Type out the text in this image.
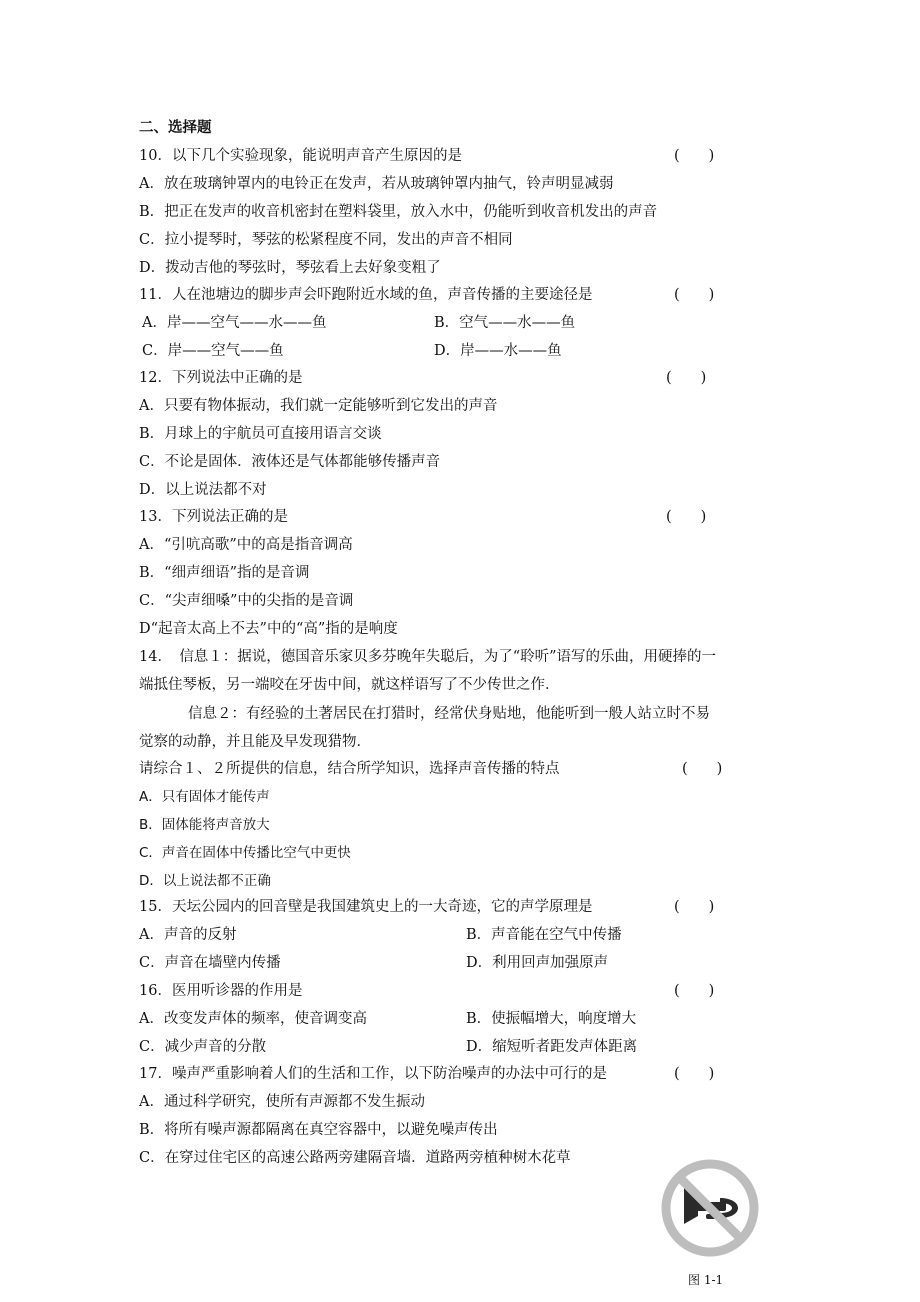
二、选择题
10．以下几个实验现象，能说明声音产生原因的是	(　　)
A．放在玻璃钟罩内的电铃正在发声，若从玻璃钟罩内抽气，铃声明显减弱
B．把正在发声的收音机密封在塑料袋里，放入水中，仍能听到收音机发出的声音
C．拉小提琴时，琴弦的松紧程度不同，发出的声音不相同
D．拨动吉他的琴弦时，琴弦看上去好象变粗了
11．人在池塘边的脚步声会吓跑附近水域的鱼，声音传播的主要途径是	(　　)
A．岸——空气——水——鱼	B．空气——水——鱼
C．岸——空气——鱼	D．岸——水——鱼
12．下列说法中正确的是	(　　)
A．只要有物体振动，我们就一定能够听到它发出的声音
B．月球上的宇航员可直接用语言交谈
C．不论是固体．液体还是气体都能够传播声音
D．以上说法都不对
13．下列说法正确的是	(　　)
A．“引吭高歌”中的高是指音调高
B．“细声细语”指的是音调
C．“尖声细嗓”中的尖指的是音调
D“起音太高上不去”中的“高”指的是响度
14．　信息１：据说，德国音乐家贝多芬晚年失聪后，为了“聆听”语写的乐曲，用硬捧的一
端抵住琴板，另一端咬在牙齿中间，就这样语写了不少传世之作．
信息２：有经验的土著居民在打猎时，经常伏身贴地，他能听到一般人站立时不易
觉察的动静，并且能及早发现猎物．
请综合１、２所提供的信息，结合所学知识，选择声音传播的特点	(　　)
A．只有固体才能传声
B．固体能将声音放大
C．声音在固体中传播比空气中更快
D．以上说法都不正确
15．天坛公园内的回音壁是我国建筑史上的一大奇迹，它的声学原理是	(　　)
A．声音的反射	B．声音能在空气中传播
C．声音在墙壁内传播	D．利用回声加强原声
16．医用听诊器的作用是	(　　)
A．改变发声体的频率，使音调变高	B．使振幅增大，响度增大
C．减少声音的分散	D．缩短听者距发声体距离
17．噪声严重影响着人们的生活和工作，以下防治噪声的办法中可行的是	(　　)
A．通过科学研究，使所有声源都不发生振动
B．将所有噪声源都隔离在真空容器中，以避免噪声传出
C．在穿过住宅区的高速公路两旁建隔音墙．道路两旁植种树木花草
图 1-1
